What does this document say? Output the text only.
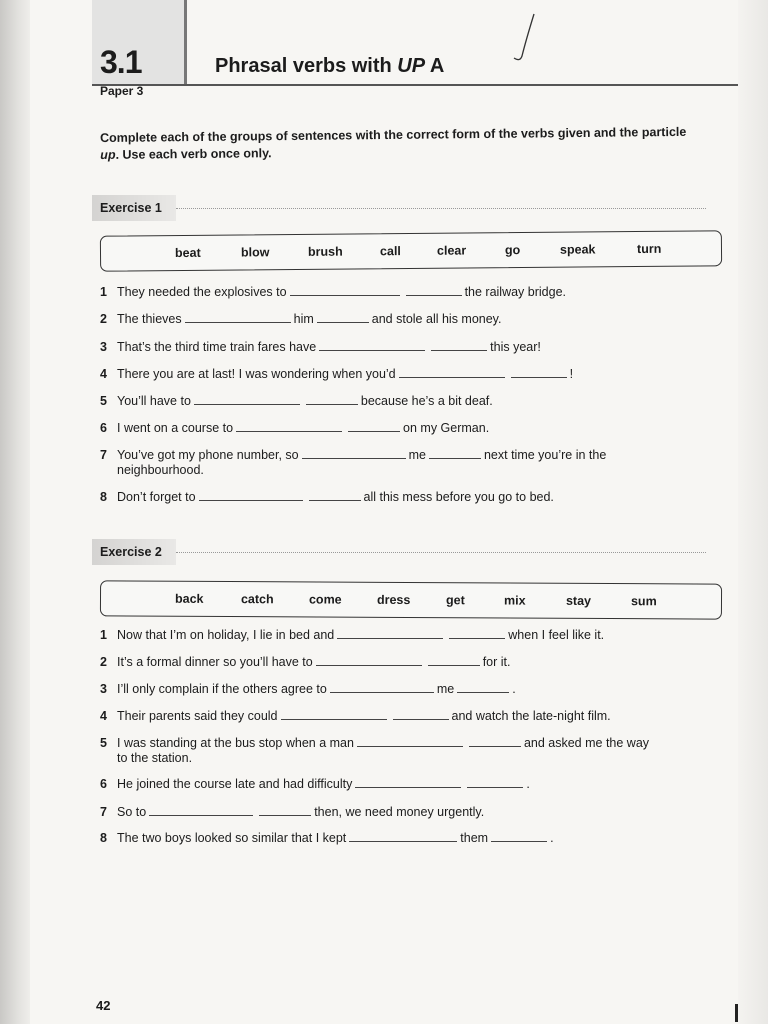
3.1	Phrasal verbs with UP A
Paper 3
Complete each of the groups of sentences with the correct form of the verbs given and the particle up. Use each verb once only.
Exercise 1
beat	blow	brush	call	clear	go	speak	turn
1 They needed the explosives to	the railway bridge.
2 The thieves	him	and stole all his money.
3 That’s the third time train fares have	this year!
4 There you are at last! I was wondering when you’d	!
5 You’ll have to	because he’s a bit deaf.
6 I went on a course to	on my German.
7 You’ve got my phone number, so	me	next time you’re in the
neighbourhood.
8 Don’t forget to	all this mess before you go to bed.
Exercise 2
back	catch	come	dress	get	mix	stay	sum
1 Now that I’m on holiday, I lie in bed and	when I feel like it.
2 It’s a formal dinner so you’ll have to	for it.
3 I’ll only complain if the others agree to	me	.
4 Their parents said they could	and watch the late-night film.
5 I was standing at the bus stop when a man	and asked me the way
to the station.
6 He joined the course late and had difficulty	.
7 So to	then, we need money urgently.
8 The two boys looked so similar that I kept	them	.
42
